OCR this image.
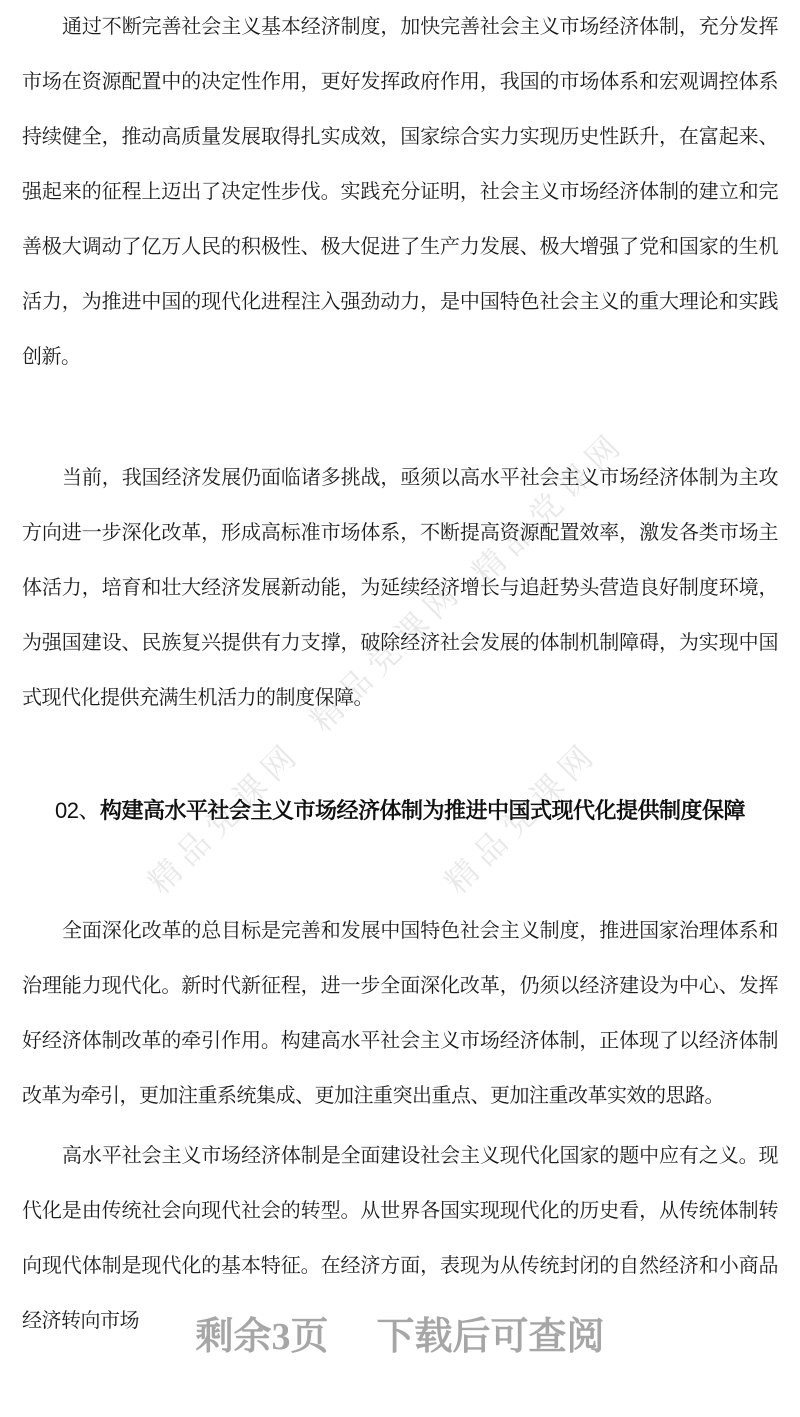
精品党课网
精品党课网
精品党课网
精品党课网

通过不断完善社会主义基本经济制度，加快完善社会主义市场经济体制，充分发挥市场在资源配置中的决定性作用，更好发挥政府作用，我国的市场体系和宏观调控体系持续健全，推动高质量发展取得扎实成效，国家综合实力实现历史性跃升，在富起来、强起来的征程上迈出了决定性步伐。实践充分证明，社会主义市场经济体制的建立和完善极大调动了亿万人民的积极性、极大促进了生产力发展、极大增强了党和国家的生机活力，为推进中国的现代化进程注入强劲动力，是中国特色社会主义的重大理论和实践创新。

当前，我国经济发展仍面临诸多挑战，亟须以高水平社会主义市场经济体制为主攻方向进一步深化改革，形成高标准市场体系，不断提高资源配置效率，激发各类市场主体活力，培育和壮大经济发展新动能，为延续经济增长与追赶势头营造良好制度环境，为强国建设、民族复兴提供有力支撑，破除经济社会发展的体制机制障碍，为实现中国式现代化提供充满生机活力的制度保障。

02、构建高水平社会主义市场经济体制为推进中国式现代化提供制度保障

全面深化改革的总目标是完善和发展中国特色社会主义制度，推进国家治理体系和治理能力现代化。新时代新征程，进一步全面深化改革，仍须以经济建设为中心、发挥好经济体制改革的牵引作用。构建高水平社会主义市场经济体制，正体现了以经济体制改革为牵引，更加注重系统集成、更加注重突出重点、更加注重改革实效的思路。

高水平社会主义市场经济体制是全面建设社会主义现代化国家的题中应有之义。现代化是由传统社会向现代社会的转型。从世界各国实现现代化的历史看，从传统体制转向现代体制是现代化的基本特征。在经济方面，表现为从传统封闭的自然经济和小商品经济转向市场	剩余3页 下载后可查阅
